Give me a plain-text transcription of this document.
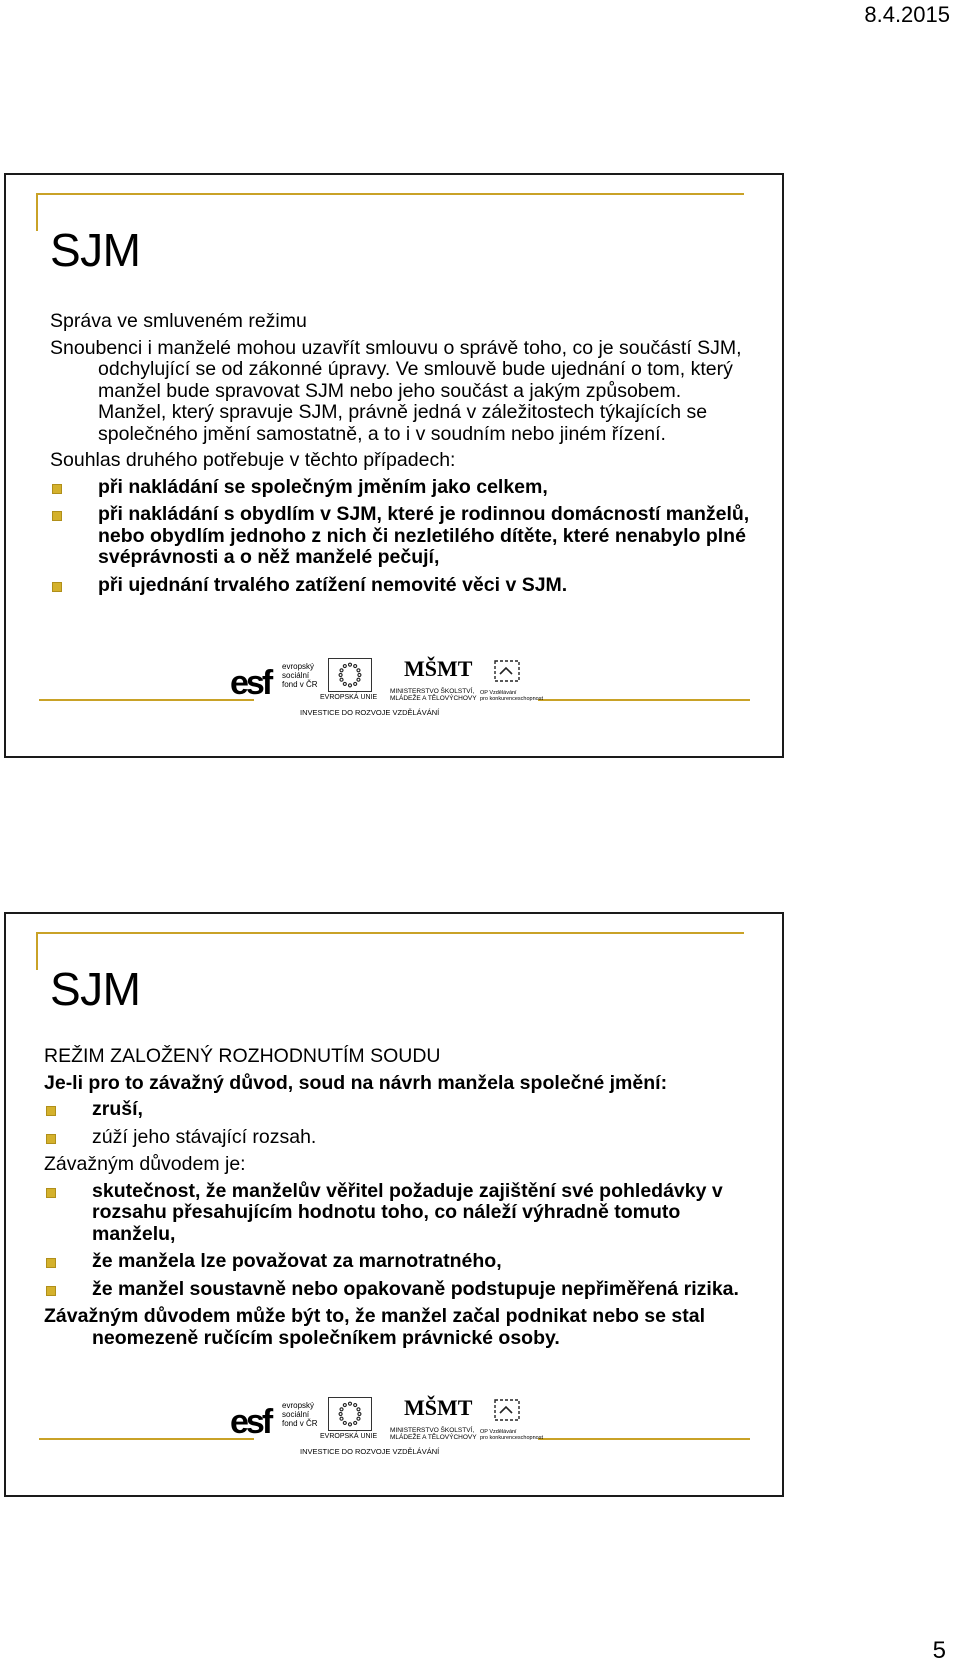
8.4.2015
SJM

Správa ve smluveném režimu

Snoubenci i manželé mohou uzavřít smlouvu o správě toho, co je součástí SJM, odchylující se od zákonné úpravy. Ve smlouvě bude ujednání o tom, který manžel bude spravovat SJM nebo jeho součást a jakým způsobem. Manžel, který spravuje SJM, právně jedná v záležitostech týkajících se společného jmění samostatně, a to i v soudním nebo jiném řízení.

Souhlas druhého potřebuje v těchto případech:

při nakládání se společným jměním jako celkem,
při nakládání s obydlím v SJM, které je rodinnou domácností manželů, nebo obydlím jednoho z nich či nezletilého dítěte, které nenabylo plné svéprávnosti a o něž manželé pečují,
při ujednání trvalého zatížení nemovité věci v SJM.
esf evropský
sociální
fond v ČR
EVROPSKÁ UNIE
MŠMT
MINISTERSTVO ŠKOLSTVÍ,
MLÁDEŽE A TĚLOVÝCHOVY
OP Vzdělávání
pro konkurenceschopnost
INVESTICE DO ROZVOJE VZDĚLÁVÁNÍ
SJM

REŽIM ZALOŽENÝ ROZHODNUTÍM SOUDU

Je-li pro to závažný důvod, soud na návrh manžela společné jmění:

zruší,
zúží jeho stávající rozsah.

Závažným důvodem je:

skutečnost, že manželův věřitel požaduje zajištění své pohledávky v rozsahu přesahujícím hodnotu toho, co náleží výhradně tomuto manželu,
že manžela lze považovat za marnotratného,
že manžel soustavně nebo opakovaně podstupuje nepřiměřená rizika.

Závažným důvodem může být to, že manžel začal podnikat nebo se stal neomezeně ručícím společníkem právnické osoby.

esf evropský
sociální
fond v ČR
EVROPSKÁ UNIE
MŠMT
MINISTERSTVO ŠKOLSTVÍ,
MLÁDEŽE A TĚLOVÝCHOVY
OP Vzdělávání
pro konkurenceschopnost
INVESTICE DO ROZVOJE VZDĚLÁVÁNÍ
5
